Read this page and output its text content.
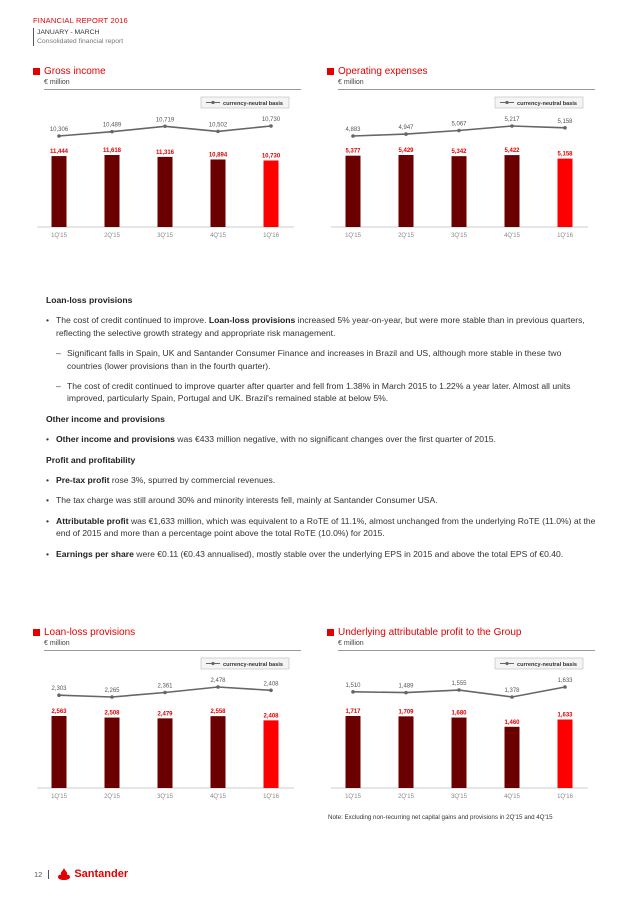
FINANCIAL REPORT 2016
JANUARY - MARCH
Consolidated financial report
Gross income
€ million
currency-neutral basis
11,444
1Q'15
11,618
2Q'15
11,316
3Q'15
10,894
4Q'15
10,730
1Q'16
10,306
10,489
10,719
10,502
10,730
Operating expenses
€ million
currency-neutral basis
5,377
1Q'15
5,429
2Q'15
5,342
3Q'15
5,422
4Q'15
5,158
1Q'16
4,883	4,947
5,067
5,217	5,158
Loan-loss provisions
• The cost of credit continued to improve. Loan-loss provisions increased 5% year-on-year, but were more stable than in previous quarters, reflecting the selective growth strategy and appropriate risk management.
– Significant falls in Spain, UK and Santander Consumer Finance and increases in Brazil and US, although more stable in these two countries (lower provisions than in the fourth quarter).
– The cost of credit continued to improve quarter after quarter and fell from 1.38% in March 2015 to 1.22% a year later. Almost all units improved, particularly Spain, Portugal and UK. Brazil's remained stable at below 5%.
Other income and provisions
• Other income and provisions was €433 million negative, with no significant changes over the first quarter of 2015.
Profit and profitability
• Pre-tax profit rose 3%, spurred by commercial revenues.
• The tax charge was still around 30% and minority interests fell, mainly at Santander Consumer USA.
• Attributable profit was €1,633 million, which was equivalent to a RoTE of 11.1%, almost unchanged from the underlying RoTE (11.0%) at the end of 2015 and more than a percentage point above the total RoTE (10.0%) for 2015.
• Earnings per share were €0.11 (€0.43 annualised), mostly stable over the underlying EPS in 2015 and above the total EPS of €0.40.
Loan-loss provisions
€ million
currency-neutral basis
2,563
1Q'15
2,508
2Q'15
2,479
3Q'15
2,558
4Q'15
2,408
1Q'16
2,303	2,265
2,361
2,478
2,408
Underlying attributable profit to the Group
€ million
currency-neutral basis
1,717
1Q'15
1,709
2Q'15
1,680
3Q'15
1,460
4Q'15
1,633
1Q'16
1,510	1,489	1,555
1,378
1,633
Note: Excluding non-recurring net capital gains and provisions in 2Q'15 and 4Q'15
12	Santander
